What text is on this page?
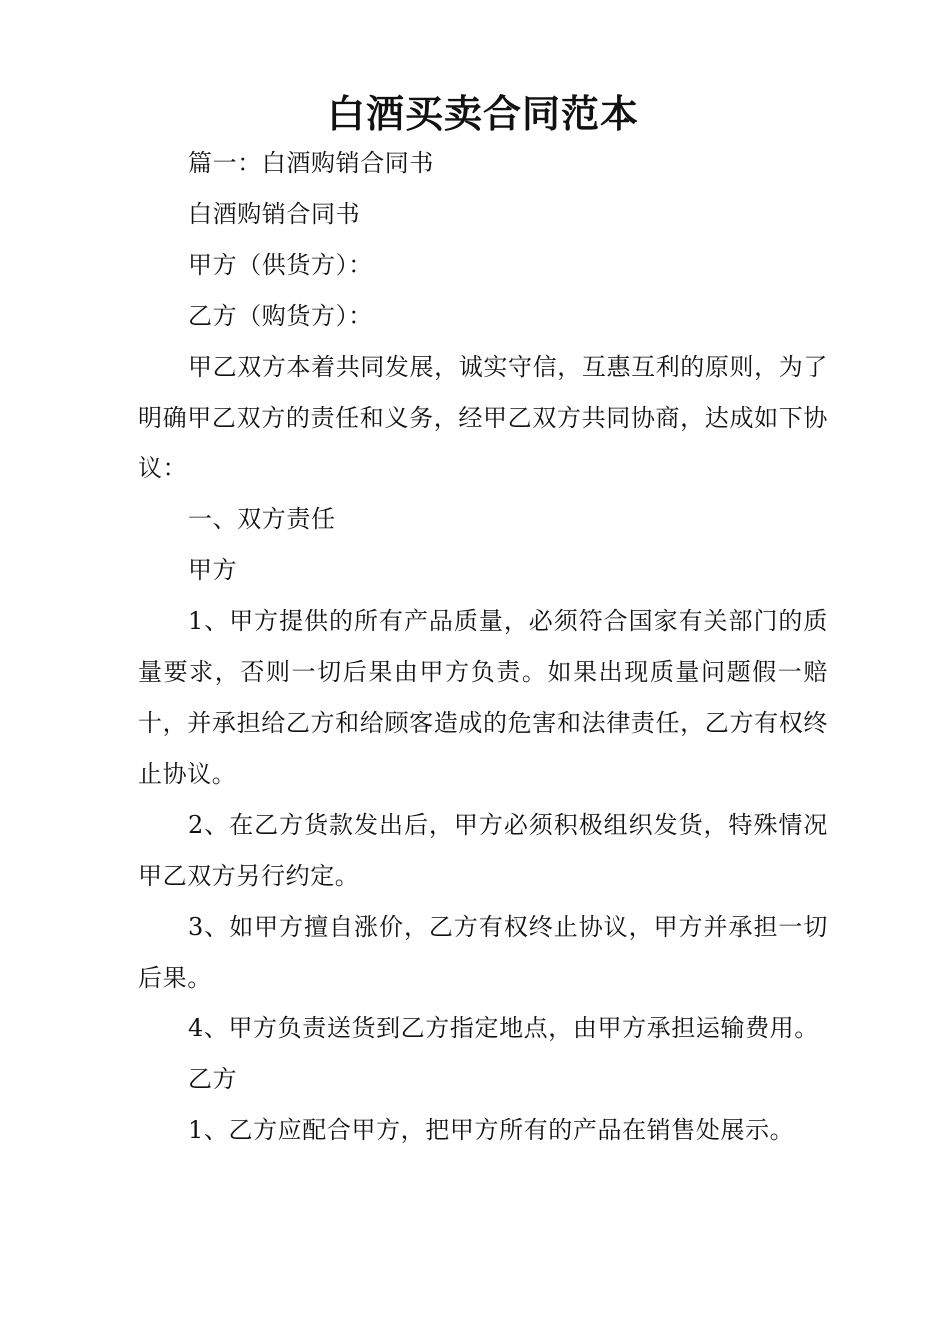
白酒买卖合同范本

篇一：白酒购销合同书

白酒购销合同书

甲方（供货方）：

乙方（购货方）：

甲乙双方本着共同发展，诚实守信，互惠互利的原则，为了明确甲乙双方的责任和义务，经甲乙双方共同协商，达成如下协议：

一、双方责任

甲方

1、甲方提供的所有产品质量，必须符合国家有关部门的质量要求，否则一切后果由甲方负责。如果出现质量问题假一赔十，并承担给乙方和给顾客造成的危害和法律责任，乙方有权终止协议。

2、在乙方货款发出后，甲方必须积极组织发货，特殊情况甲乙双方另行约定。

3、如甲方擅自涨价，乙方有权终止协议，甲方并承担一切后果。

4、甲方负责送货到乙方指定地点，由甲方承担运输费用。

乙方

1、乙方应配合甲方，把甲方所有的产品在销售处展示。
